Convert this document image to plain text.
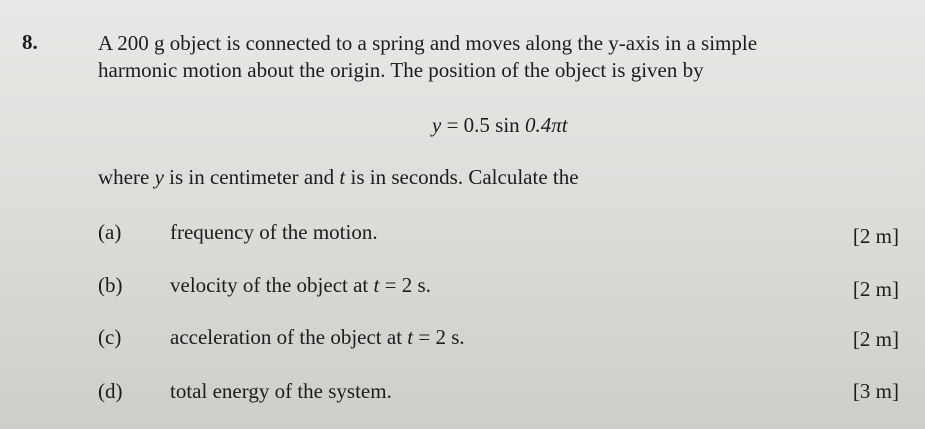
8.	A 200 g object is connected to a spring and moves along the y-axis in a simple
harmonic motion about the origin. The position of the object is given by
y = 0.5 sin 0.4πt
where y is in centimeter and t is in seconds. Calculate the
(a) frequency of the motion.	[2 m]
(b) velocity of the object at t = 2 s.	[2 m]
(c) acceleration of the object at t = 2 s.	[2 m]
(d) total energy of the system.	[3 m]
